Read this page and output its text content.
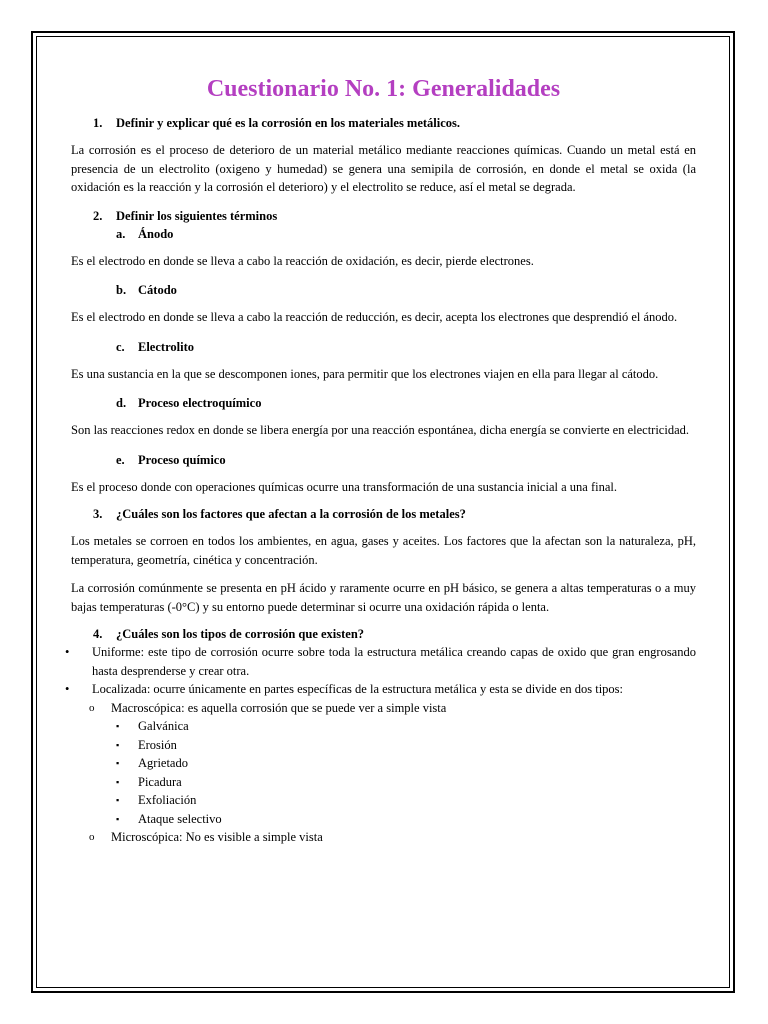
Cuestionario No. 1: Generalidades
1. Definir y explicar qué es la corrosión en los materiales metálicos.

La corrosión es el proceso de deterioro de un material metálico mediante reacciones químicas. Cuando un metal está en presencia de un electrolito (oxigeno y humedad) se genera una semipila de corrosión, en donde el metal se oxida (la oxidación es la reacción y la corrosión el deterioro) y el electrolito se reduce, así el metal se degrada.

2. Definir los siguientes términos
a. Ánodo

Es el electrodo en donde se lleva a cabo la reacción de oxidación, es decir, pierde electrones.

b. Cátodo

Es el electrodo en donde se lleva a cabo la reacción de reducción, es decir, acepta los electrones que desprendió el ánodo.

c. Electrolito

Es una sustancia en la que se descomponen iones, para permitir que los electrones viajen en ella para llegar al cátodo.

d. Proceso electroquímico

Son las reacciones redox en donde se libera energía por una reacción espontánea, dicha energía se convierte en electricidad.

e. Proceso químico

Es el proceso donde con operaciones químicas ocurre una transformación de una sustancia inicial a una final.

3. ¿Cuáles son los factores que afectan a la corrosión de los metales?

Los metales se corroen en todos los ambientes, en agua, gases y aceites. Los factores que la afectan son la naturaleza, pH, temperatura, geometría, cinética y concentración.

La corrosión comúnmente se presenta en pH ácido y raramente ocurre en pH básico, se genera a altas temperaturas o a muy bajas temperaturas (-0°C) y su entorno puede determinar si ocurre una oxidación rápida o lenta.

4. ¿Cuáles son los tipos de corrosión que existen?
• Uniforme: este tipo de corrosión ocurre sobre toda la estructura metálica creando capas de oxido que gran engrosando hasta desprenderse y crear otra.
• Localizada: ocurre únicamente en partes específicas de la estructura metálica y esta se divide en dos tipos:
o Macroscópica: es aquella corrosión que se puede ver a simple vista
▪ Galvánica
▪ Erosión
▪ Agrietado
▪ Picadura
▪ Exfoliación
▪ Ataque selectivo
o Microscópica: No es visible a simple vista
